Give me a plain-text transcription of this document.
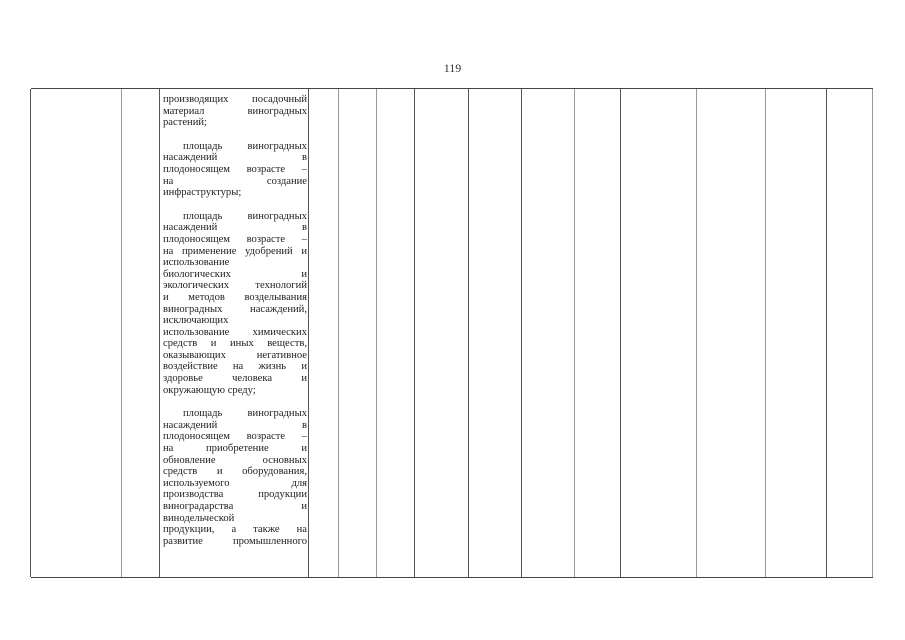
119
производящих посадочный
материал виноградных
растений;
площадь виноградных
насаждений в
плодоносящем возрасте –
на создание
инфраструктуры;
площадь виноградных
насаждений в
плодоносящем возрасте –
на применение удобрений и
использование
биологических и
экологических технологий
и методов возделывания
виноградных насаждений,
исключающих
использование химических
средств и иных веществ,
оказывающих негативное
воздействие на жизнь и
здоровье человека и
окружающую среду;
площадь виноградных
насаждений в
плодоносящем возрасте –
на приобретение и
обновление основных
средств и оборудования,
используемого для
производства продукции
виноградарства и
винодельческой
продукции, а также на
развитие промышленного
